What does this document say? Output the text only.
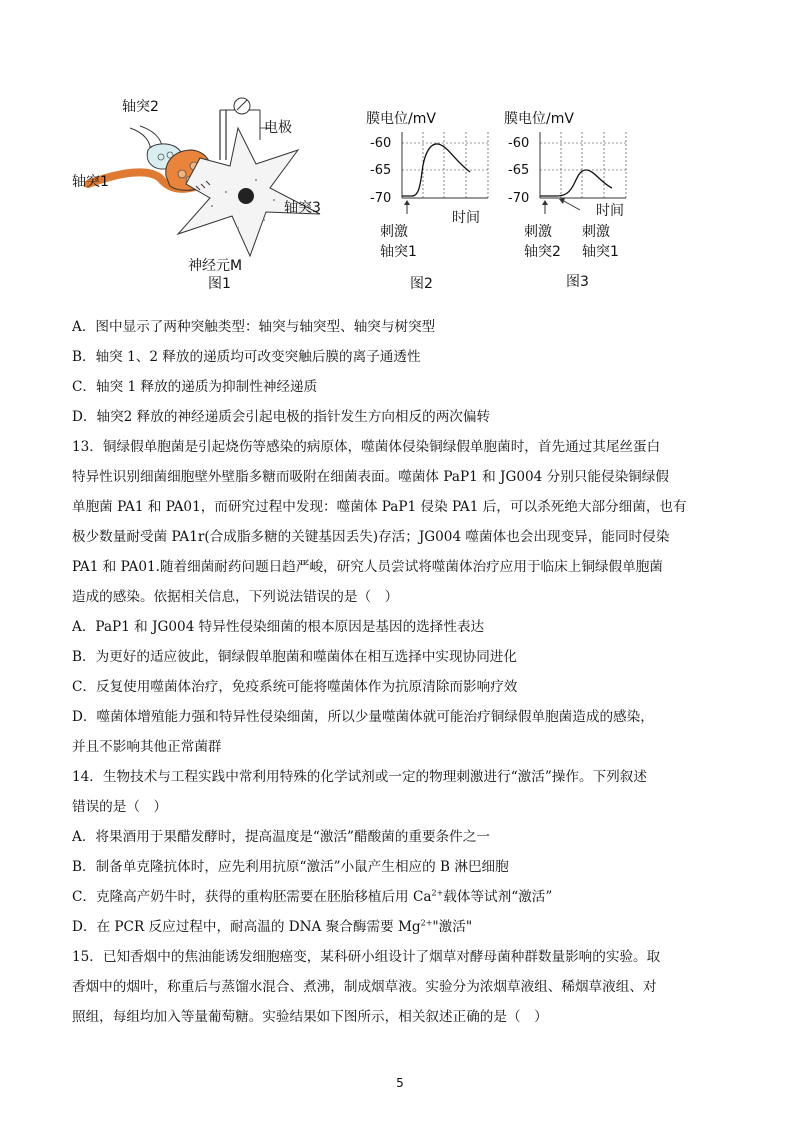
轴突2
轴突1
轴突3
电极
神经元M
图1
膜电位/mV
-60
-65
-70
时间
刺激
轴突1
图2
膜电位/mV
-60
-65
-70
时间
刺激
轴突2
刺激
轴突1
图3
A．图中显示了两种突触类型：轴突与轴突型、轴突与树突型
B．轴突 1、2 释放的递质均可改变突触后膜的离子通透性
C．轴突 1 释放的递质为抑制性神经递质
D．轴突2 释放的神经递质会引起电极的指针发生方向相反的两次偏转
13．铜绿假单胞菌是引起烧伤等感染的病原体，噬菌体侵染铜绿假单胞菌时，首先通过其尾丝蛋白
特异性识别细菌细胞壁外壁脂多糖而吸附在细菌表面。噬菌体 PaP1 和 JG004 分别只能侵染铜绿假
单胞菌 PA1 和 PA01，而研究过程中发现：噬菌体 PaP1 侵染 PA1 后，可以杀死绝大部分细菌，也有
极少数量耐受菌 PA1r(合成脂多糖的关键基因丢失)存活；JG004 噬菌体也会出现变异，能同时侵染
PA1 和 PA01.随着细菌耐药问题日趋严峻，研究人员尝试将噬菌体治疗应用于临床上铜绿假单胞菌
造成的感染。依据相关信息，下列说法错误的是（　）
A．PaP1 和 JG004 特异性侵染细菌的根本原因是基因的选择性表达
B．为更好的适应彼此，铜绿假单胞菌和噬菌体在相互选择中实现协同进化
C．反复使用噬菌体治疗，免疫系统可能将噬菌体作为抗原清除而影响疗效
D．噬菌体增殖能力强和特异性侵染细菌，所以少量噬菌体就可能治疗铜绿假单胞菌造成的感染，
并且不影响其他正常菌群
14．生物技术与工程实践中常利用特殊的化学试剂或一定的物理刺激进行“激活”操作。下列叙述
错误的是（　）
A．将果酒用于果醋发酵时，提高温度是“激活”醋酸菌的重要条件之一
B．制备单克隆抗体时，应先利用抗原“激活”小鼠产生相应的 B 淋巴细胞
C．克隆高产奶牛时，获得的重构胚需要在胚胎移植后用 $Ca^{2+}$载体等试剂“激活”
D．在 PCR 反应过程中，耐高温的 DNA 聚合酶需要 $Mg^{2+}$"激活"
15．已知香烟中的焦油能诱发细胞癌变，某科研小组设计了烟草对酵母菌种群数量影响的实验。取
香烟中的烟叶，称重后与蒸馏水混合、煮沸，制成烟草液。实验分为浓烟草液组、稀烟草液组、对
照组，每组均加入等量葡萄糖。实验结果如下图所示，相关叙述正确的是（　）
5
